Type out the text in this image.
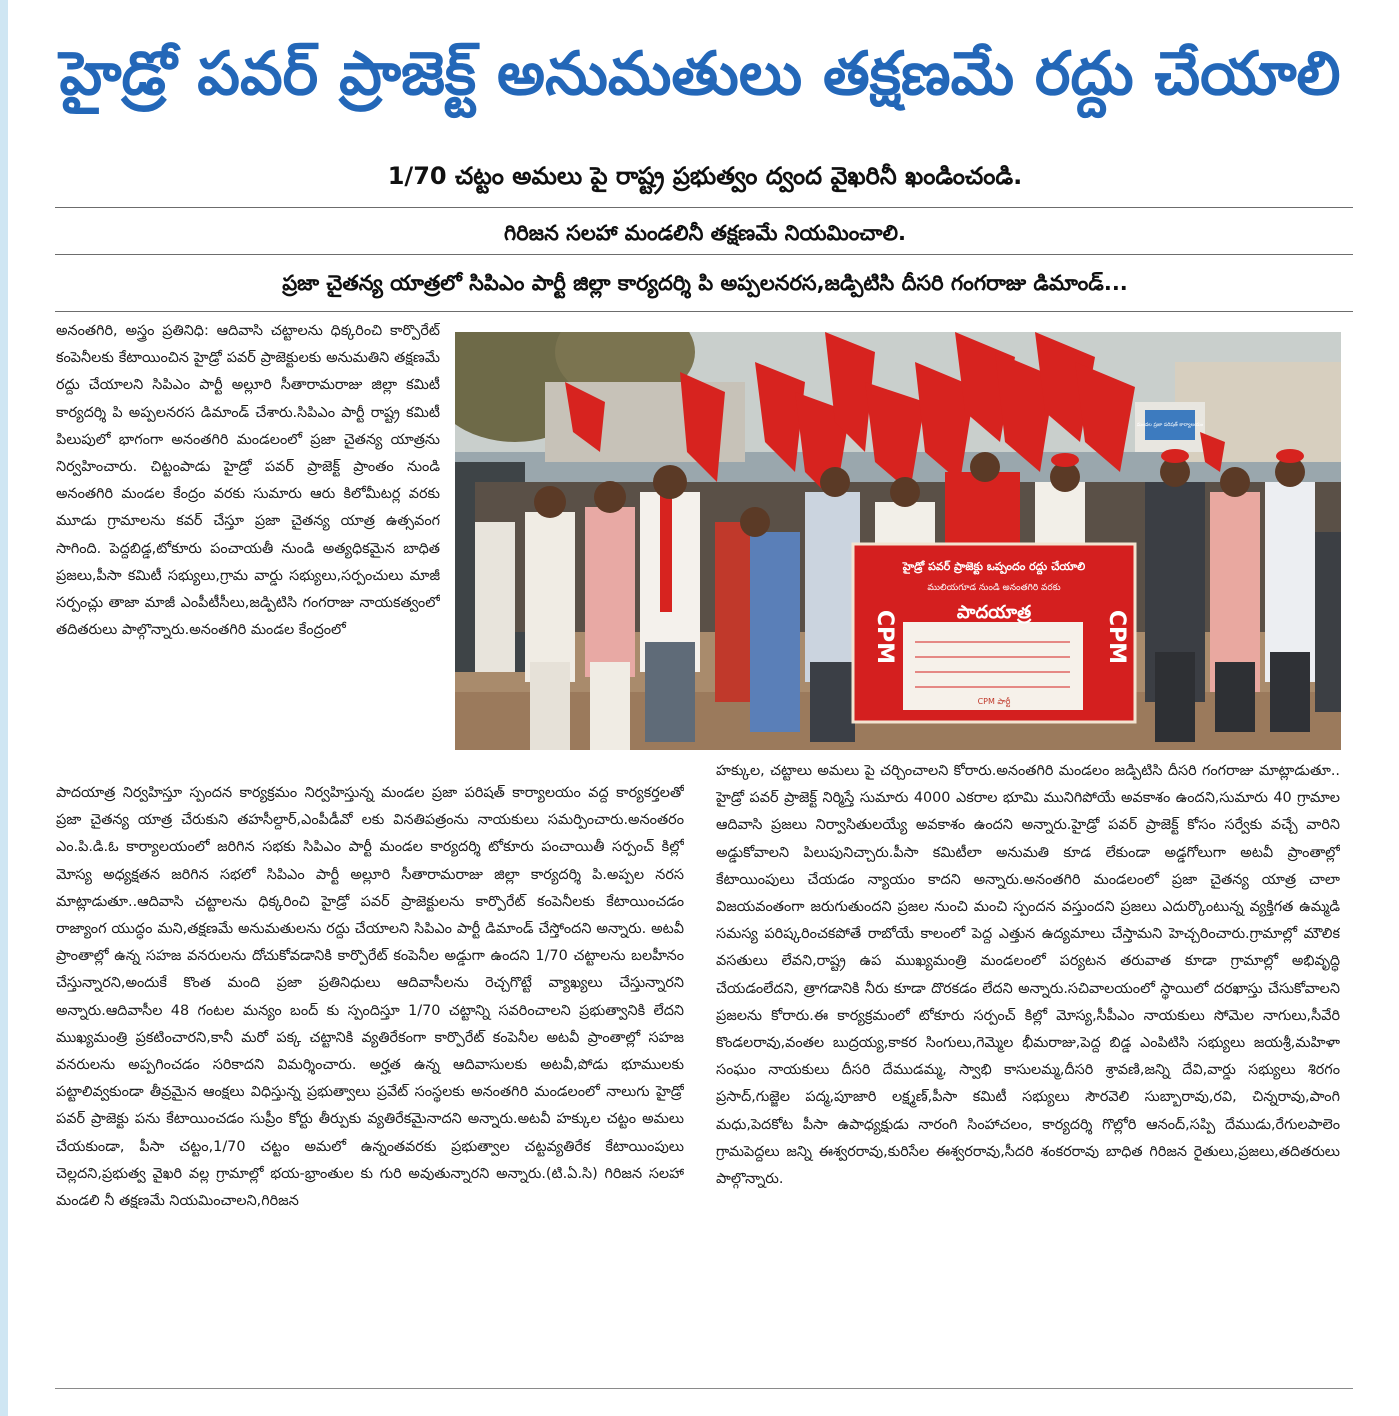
హైడ్రో పవర్ ప్రాజెక్ట్ అనుమతులు తక్షణమే రద్దు చేయాలి
1/70 చట్టం అమలు పై రాష్ట్ర ప్రభుత్వం ద్వంద వైఖరినీ ఖండించండి.
గిరిజన సలహా మండలినీ తక్షణమే నియమించాలి.
ప్రజా చైతన్య యాత్రలో సిపిఎం పార్టీ జిల్లా కార్యదర్శి పి అప్పలనరస,జడ్పిటిసి దీసరి గంగరాజు డిమాండ్...

అనంతగిరి, అస్త్రం ప్రతినిధి: ఆదివాసి చట్టాలను ధిక్కరించి కార్పొరేట్ కంపెనీలకు కేటాయించిన హైడ్రో పవర్ ప్రాజెక్టులకు అనుమతిని తక్షణమే రద్దు చేయాలని సిపిఎం పార్టీ అల్లూరి సీతారామరాజు జిల్లా కమిటీ కార్యదర్శి పి అప్పలనరస డిమాండ్ చేశారు.సిపిఎం పార్టీ రాష్ట్ర కమిటీ పిలుపులో భాగంగా అనంతగిరి మండలంలో ప్రజా చైతన్య యాత్రను నిర్వహించారు. చిట్టంపాడు హైడ్రో పవర్ ప్రాజెక్ట్ ప్రాంతం నుండి అనంతగిరి మండల కేంద్రం వరకు సుమారు ఆరు కిలోమీటర్ల వరకు మూడు గ్రామాలను కవర్ చేస్తూ ప్రజా చైతన్య యాత్ర ఉత్సవంగ సాగింది. పెద్దబిడ్డ,టోకూరు పంచాయతీ నుండి అత్యధికమైన బాధిత ప్రజలు,పీసా కమిటీ సభ్యులు,గ్రామ వార్డు సభ్యులు,సర్పంచులు మాజీ సర్పంచ్లు తాజా మాజీ ఎంపీటీసీలు,జడ్పిటిసి గంగరాజు నాయకత్వంలో తదితరులు పాల్గొన్నారు.అనంతగిరి మండల కేంద్రంలో

హైడ్రో పవర్ ప్రాజెక్టు ఒప్పందం రద్దు చేయాలి
ములియగూడ నుండి అనంతగిరి వరకు
పాదయాత్ర
CPM	CPM
CPM పార్టీ
మండల ప్రజా పరిషత్ కార్యాలయం

పాదయాత్ర నిర్వహిస్తూ స్పందన కార్యక్రమం నిర్వహిస్తున్న మండల ప్రజా పరిషత్ కార్యాలయం వద్ద కార్యకర్తలతో ప్రజా చైతన్య యాత్ర చేరుకుని తహసీల్దార్,ఎంపీడీవో లకు వినతిపత్రంను నాయకులు సమర్పించారు.అనంతరం ఎం.పి.డి.ఓ కార్యాలయంలో జరిగిన సభకు సిపిఎం పార్టీ మండల కార్యదర్శి టోకూరు పంచాయితీ సర్పంచ్ కిల్లో మోస్య అధ్యక్షతన జరిగిన సభలో సిపిఎం పార్టీ అల్లూరి సీతారామరాజు జిల్లా కార్యదర్శి పి.అప్పల నరస మాట్లాడుతూ..ఆదివాసి చట్టాలను ధిక్కరించి హైడ్రో పవర్ ప్రాజెక్టులను కార్పొరేట్ కంపెనీలకు కేటాయించడం రాజ్యాంగ యుద్ధం మని,తక్షణమే అనుమతులను రద్దు చేయాలని సిపిఎం పార్టీ డిమాండ్ చేస్తోందని అన్నారు. అటవీ ప్రాంతాల్లో ఉన్న సహజ వనరులను దోచుకోవడానికి కార్పొరేట్ కంపెనీల అడ్డుగా ఉందని 1/70 చట్టాలను బలహీనం చేస్తున్నారని,అందుకే కొంత మంది ప్రజా ప్రతినిధులు ఆదివాసీలను రెచ్చగొట్టే వ్యాఖ్యలు చేస్తున్నారని అన్నారు.ఆదివాసీల 48 గంటల మన్యం బంద్ కు స్పందిస్తూ 1/70 చట్టాన్ని సవరించాలని ప్రభుత్వానికి లేదని ముఖ్యమంత్రి ప్రకటించారని,కానీ మరో పక్క చట్టానికి వ్యతిరేకంగా కార్పొరేట్ కంపెనీల అటవీ ప్రాంతాల్లో సహజ వనరులను అప్పగించడం సరికాదని విమర్శించారు. అర్హత ఉన్న ఆదివాసులకు అటవీ,పోడు భూములకు పట్టాలివ్వకుండా తీవ్రమైన ఆంక్షలు విధిస్తున్న ప్రభుత్వాలు ప్రవేట్ సంస్థలకు అనంతగిరి మండలంలో నాలుగు హైడ్రో పవర్ ప్రాజెక్టు పను కేటాయించడం సుప్రీం కోర్టు తీర్పుకు వ్యతిరేకమైనాదని అన్నారు.అటవీ హక్కుల చట్టం అమలు చేయకుండా, పీసా చట్టం,1/70 చట్టం అమలో ఉన్నంతవరకు ప్రభుత్వాల చట్టవ్యతిరేక కేటాయింపులు చెల్లదని,ప్రభుత్వ వైఖరి వల్ల గ్రామాల్లో భయ-భ్రాంతుల కు గురి అవుతున్నారని అన్నారు.(టి.ఏ.సి) గిరిజన సలహా మండలి నీ తక్షణమే నియమించాలని,గిరిజన

హక్కుల, చట్టాలు అమలు పై చర్చించాలని కోరారు.అనంతగిరి మండలం జడ్పిటిసి దీసరి గంగరాజు మాట్లాడుతూ.. హైడ్రో పవర్ ప్రాజెక్ట్ నిర్మిస్తే సుమారు 4000 ఎకరాల భూమి మునిగిపోయే అవకాశం ఉందని,సుమారు 40 గ్రామాల ఆదివాసి ప్రజలు నిర్వాసితులయ్యే అవకాశం ఉందని అన్నారు.హైడ్రో పవర్ ప్రాజెక్ట్ కోసం సర్వేకు వచ్చే వారిని అడ్డుకోవాలని పిలుపునిచ్చారు.పీసా కమిటీలా అనుమతి కూడ లేకుండా అడ్డగోలుగా అటవీ ప్రాంతాల్లో కేటాయింపులు చేయడం న్యాయం కాదని అన్నారు.అనంతగిరి మండలంలో ప్రజా చైతన్య యాత్ర చాలా విజయవంతంగా జరుగుతుందని ప్రజల నుంచి మంచి స్పందన వస్తుందని ప్రజలు ఎదుర్కొంటున్న వ్యక్తిగత ఉమ్మడి సమస్య పరిష్కరించకపోతే రాబోయే కాలంలో పెద్ద ఎత్తున ఉద్యమాలు చేస్తామని హెచ్చరించారు.గ్రామాల్లో మౌలిక వసతులు లేవని,రాష్ట్ర ఉప ముఖ్యమంత్రి మండలంలో పర్యటన తరువాత కూడా గ్రామాల్లో అభివృద్ధి చేయడంలేదని, త్రాగడానికి నీరు కూడా దొరకడం లేదని అన్నారు.సచివాలయంలో స్థాయిలో దరఖాస్తు చేసుకోవాలని ప్రజలను కోరారు.ఈ కార్యక్రమంలో టోకూరు సర్పంచ్ కిల్లో మోస్య,సీపీఎం నాయకులు సోమెల నాగులు,సీవేరి కొండలరావు,వంతల బుద్రయ్య,కాకర సింగులు,గెమ్మెల భీమరాజు,పెద్ద బిడ్డ ఎంపిటిసి సభ్యులు జయశ్రీ,మహిళా సంఘం నాయకులు దీసరి దేముడమ్మ, స్వాభి కాసులమ్మ,దీసరి శ్రావణి,జన్ని దేవి,వార్డు సభ్యులు శిరగం ప్రసాద్,గుజ్జెల పద్మ,పూజారి లక్ష్మణ్,పీసా కమిటీ సభ్యులు సౌరవెలి సుబ్బారావు,రవి, చిన్నరావు,పాంగి మధు,పెదకోట పీసా ఉపాధ్యక్షుడు నారంగి సింహాచలం, కార్యదర్శి గొల్లోరి ఆనంద్,సప్పి దేముడు,రేగులపాలెం గ్రామపెద్దలు జన్ని ఈశ్వరరావు,కురిసేల ఈశ్వరరావు,సీదరి శంకరరావు బాధిత గిరిజన రైతులు,ప్రజలు,తదితరులు పాల్గొన్నారు.
